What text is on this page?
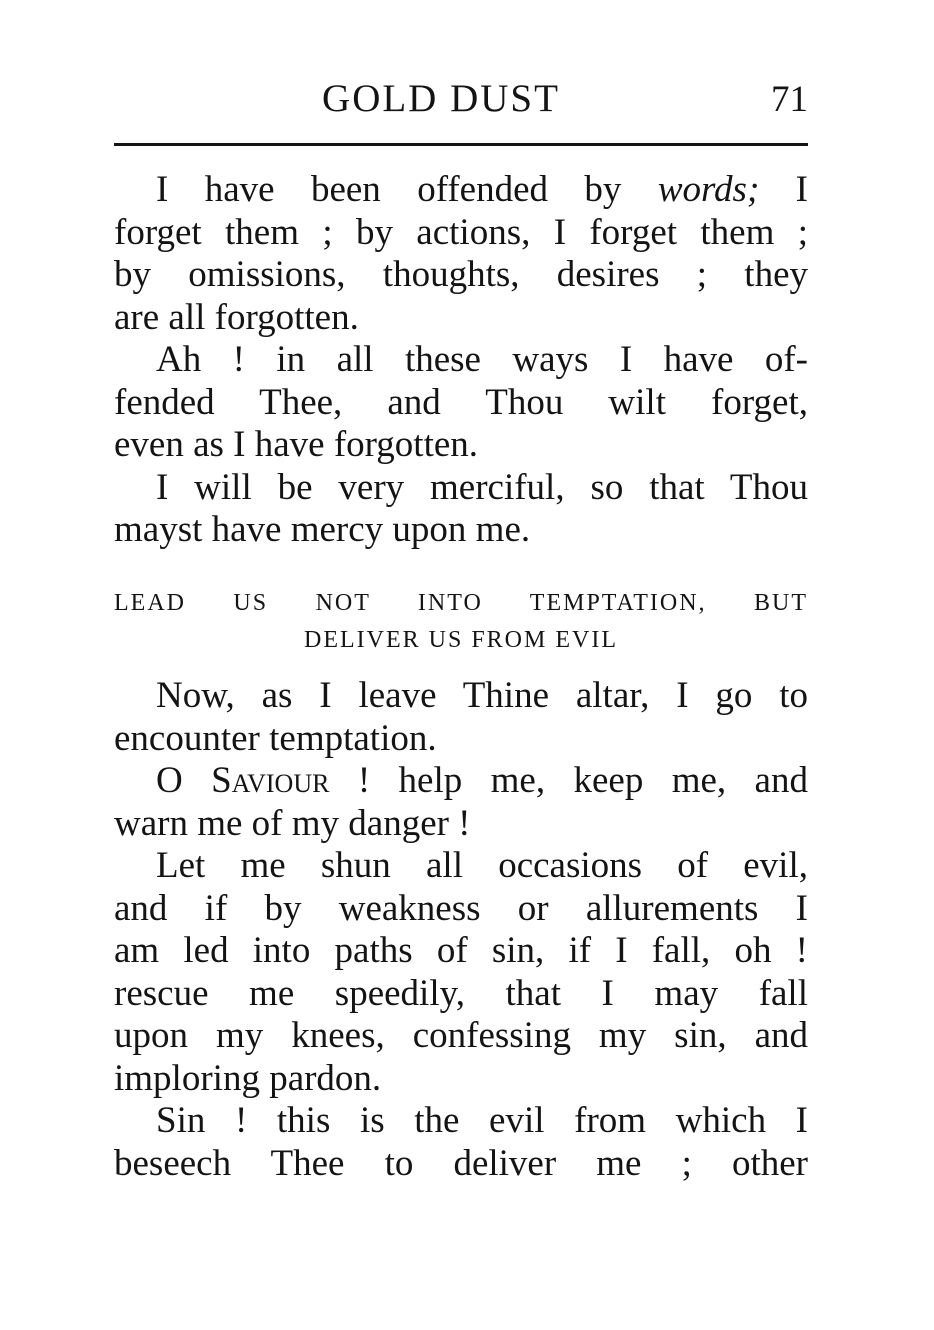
GOLD DUST	71

I have been offended by words; I
forget them ; by actions, I forget them ;
by omissions, thoughts, desires ; they
are all forgotten.

Ah ! in all these ways I have of-
fended Thee, and Thou wilt forget,
even as I have forgotten.

I will be very merciful, so that Thou
mayst have mercy upon me.

LEAD US NOT INTO TEMPTATION, BUT
DELIVER US FROM EVIL

Now, as I leave Thine altar, I go to
encounter temptation.

O Saviour ! help me, keep me, and
warn me of my danger !

Let me shun all occasions of evil,
and if by weakness or allurements I
am led into paths of sin, if I fall, oh !
rescue me speedily, that I may fall
upon my knees, confessing my sin, and
imploring pardon.

Sin ! this is the evil from which I
beseech Thee to deliver me ; other
